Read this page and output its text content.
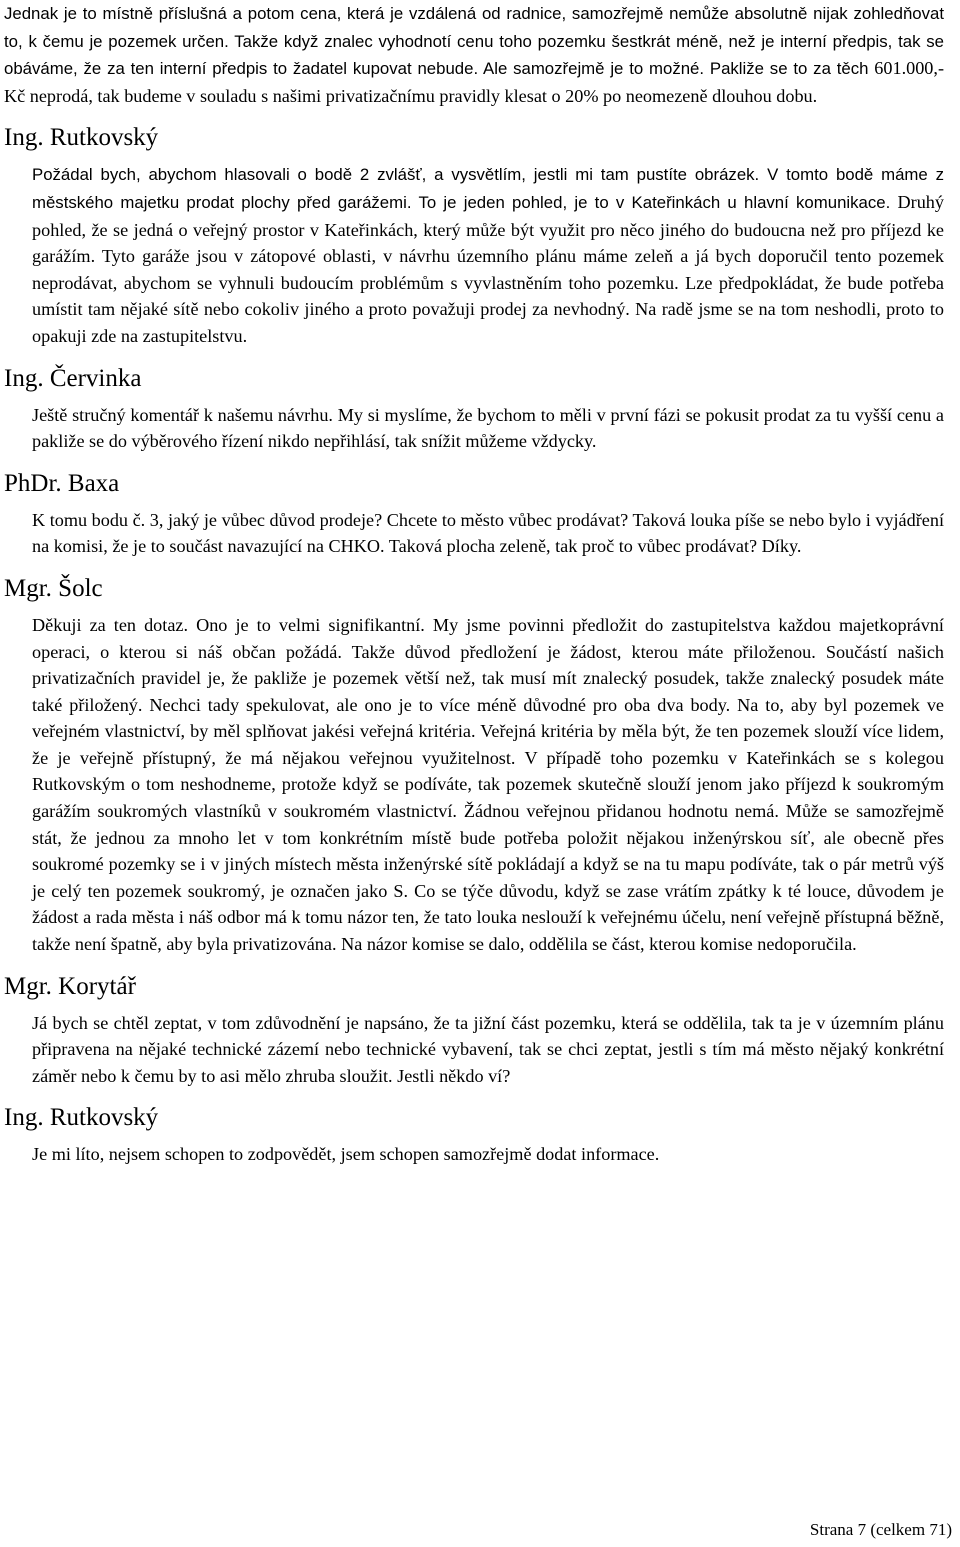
Jednak je to místně příslušná a potom cena, která je vzdálená od radnice, samozřejmě nemůže absolutně nijak zohledňovat to, k čemu je pozemek určen. Takže když znalec vyhodnotí cenu toho pozemku šestkrát méně, než je interní předpis, tak se obáváme, že za ten interní předpis to žadatel kupovat nebude. Ale samozřejmě je to možné. Pakliže se to za těch 601.000,- Kč neprodá, tak budeme v souladu s našimi privatizačnímu pravidly klesat o 20% po neomezeně dlouhou dobu.

Ing. Rutkovský

Požádal bych, abychom hlasovali o bodě 2 zvlášť, a vysvětlím, jestli mi tam pustíte obrázek. V tomto bodě máme z městského majetku prodat plochy před garážemi. To je jeden pohled, je to v Kateřinkách u hlavní komunikace. Druhý pohled, že se jedná o veřejný prostor v Kateřinkách, který může být využit pro něco jiného do budoucna než pro příjezd ke garážím. Tyto garáže jsou v zátopové oblasti, v návrhu územního plánu máme zeleň a já bych doporučil tento pozemek neprodávat, abychom se vyhnuli budoucím problémům s vyvlastněním toho pozemku. Lze předpokládat, že bude potřeba umístit tam nějaké sítě nebo cokoliv jiného a proto považuji prodej za nevhodný. Na radě jsme se na tom neshodli, proto to opakuji zde na zastupitelstvu.

Ing. Červinka

Ještě stručný komentář k našemu návrhu. My si myslíme, že bychom to měli v první fázi se pokusit prodat za tu vyšší cenu a pakliže se do výběrového řízení nikdo nepřihlásí, tak snížit můžeme vždycky.

PhDr. Baxa

K tomu bodu č. 3, jaký je vůbec důvod prodeje? Chcete to město vůbec prodávat? Taková louka píše se nebo bylo i vyjádření na komisi, že je to součást navazující na CHKO. Taková plocha zeleně, tak proč to vůbec prodávat? Díky.

Mgr. Šolc

Děkuji za ten dotaz. Ono je to velmi signifikantní. My jsme povinni předložit do zastupitelstva každou majetkoprávní operaci, o kterou si náš občan požádá. Takže důvod předložení je žádost, kterou máte přiloženou. Součástí našich privatizačních pravidel je, že pakliže je pozemek větší než, tak musí mít znalecký posudek, takže znalecký posudek máte také přiložený. Nechci tady spekulovat, ale ono je to více méně důvodné pro oba dva body. Na to, aby byl pozemek ve veřejném vlastnictví, by měl splňovat jakési veřejná kritéria. Veřejná kritéria by měla být, že ten pozemek slouží více lidem, že je veřejně přístupný, že má nějakou veřejnou využitelnost. V případě toho pozemku v Kateřinkách se s kolegou Rutkovským o tom neshodneme, protože když se podíváte, tak pozemek skutečně slouží jenom jako příjezd k soukromým garážím soukromých vlastníků v soukromém vlastnictví. Žádnou veřejnou přidanou hodnotu nemá. Může se samozřejmě stát, že jednou za mnoho let v tom konkrétním místě bude potřeba položit nějakou inženýrskou síť, ale obecně přes soukromé pozemky se i v jiných místech města inženýrské sítě pokládají a když se na tu mapu podíváte, tak o pár metrů výš je celý ten pozemek soukromý, je označen jako S. Co se týče důvodu, když se zase vrátím zpátky k té louce, důvodem je žádost a rada města i náš odbor má k tomu názor ten, že tato louka neslouží k veřejnému účelu, není veřejně přístupná běžně, takže není špatně, aby byla privatizována. Na názor komise se dalo, oddělila se část, kterou komise nedoporučila.

Mgr. Korytář

Já bych se chtěl zeptat, v tom zdůvodnění je napsáno, že ta jižní část pozemku, která se oddělila, tak ta je v územním plánu připravena na nějaké technické zázemí nebo technické vybavení, tak se chci zeptat, jestli s tím má město nějaký konkrétní záměr nebo k čemu by to asi mělo zhruba sloužit. Jestli někdo ví?

Ing. Rutkovský

Je mi líto, nejsem schopen to zodpovědět, jsem schopen samozřejmě dodat informace.

Strana 7 (celkem 71)
